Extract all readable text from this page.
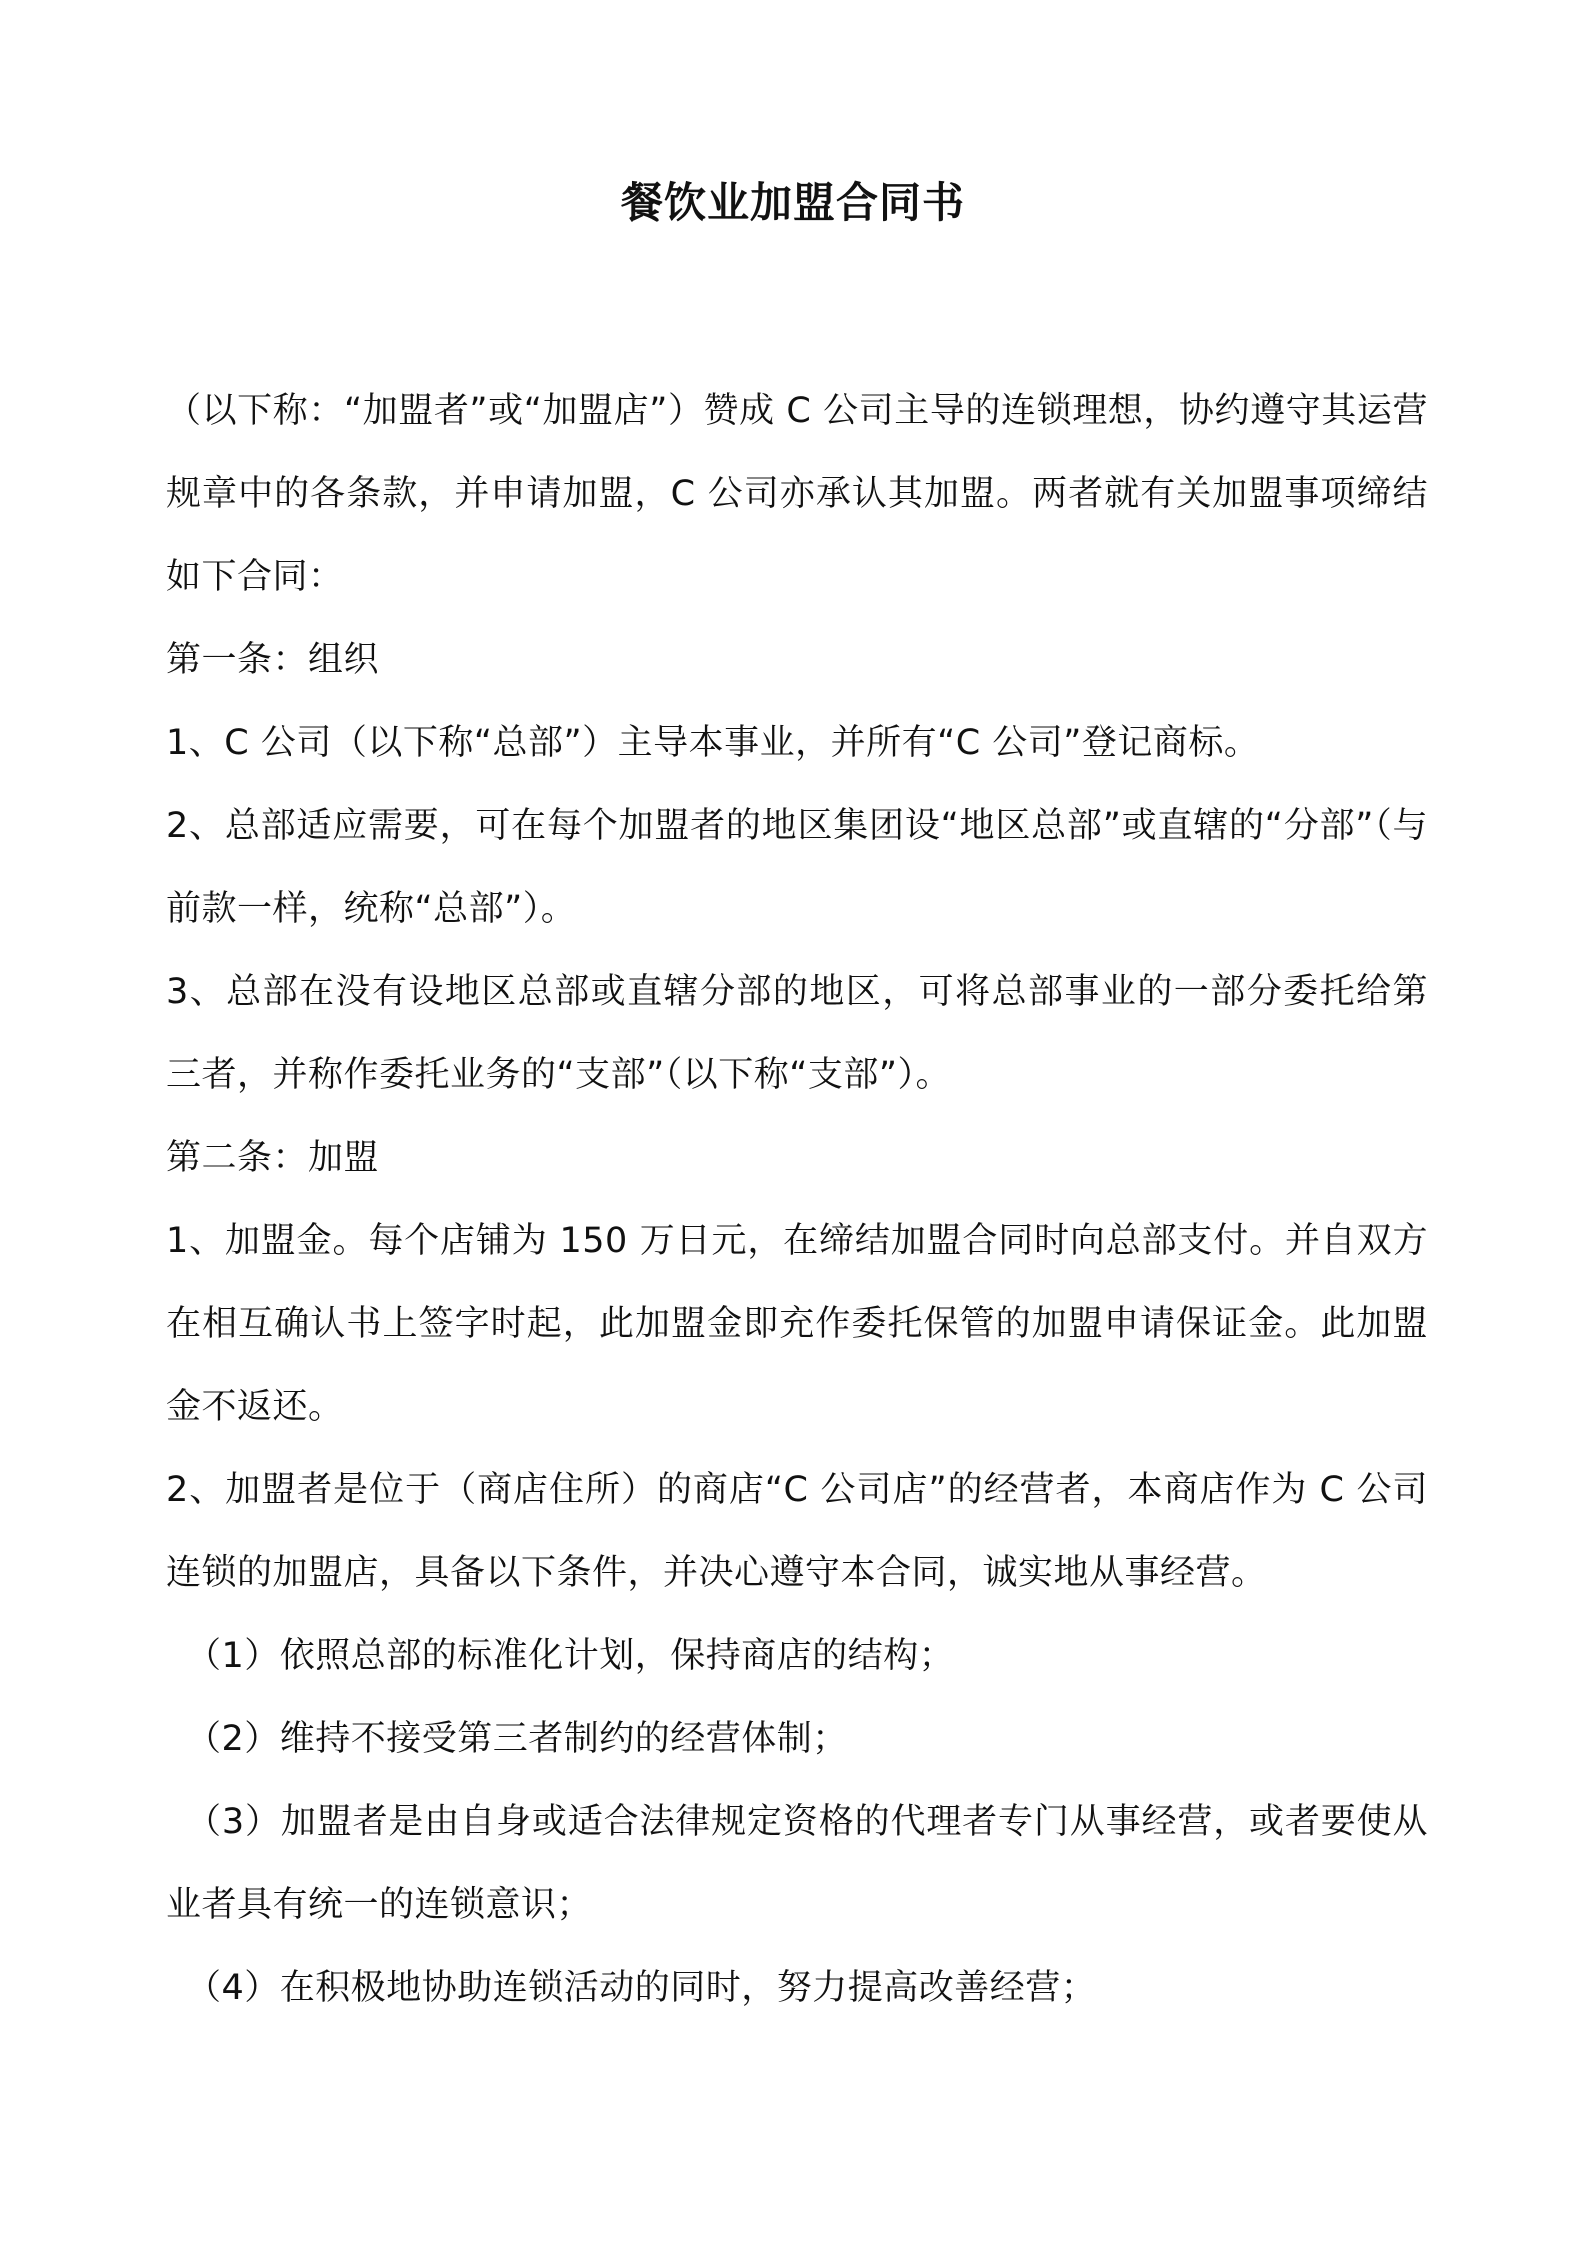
餐饮业加盟合同书

（以下称：“加盟者”或“加盟店”）赞成 C 公司主导的连锁理想，协约遵守其运营规章中的各条款，并申请加盟，C 公司亦承认其加盟。两者就有关加盟事项缔结如下合同：

第一条：组织

1、C 公司（以下称“总部”）主导本事业，并所有“C 公司”登记商标。

2、总部适应需要，可在每个加盟者的地区集团设“地区总部”或直辖的“分部”（与前款一样，统称“总部”）。

3、总部在没有设地区总部或直辖分部的地区，可将总部事业的一部分委托给第三者，并称作委托业务的“支部”（以下称“支部”）。

第二条：加盟

1、加盟金。每个店铺为 150 万日元，在缔结加盟合同时向总部支付。并自双方在相互确认书上签字时起，此加盟金即充作委托保管的加盟申请保证金。此加盟金不返还。

2、加盟者是位于（商店住所）的商店“C 公司店”的经营者，本商店作为 C 公司连锁的加盟店，具备以下条件，并决心遵守本合同，诚实地从事经营。

（1）依照总部的标准化计划，保持商店的结构；

（2）维持不接受第三者制约的经营体制；

（3）加盟者是由自身或适合法律规定资格的代理者专门从事经营，或者要使从业者具有统一的连锁意识；

（4）在积极地协助连锁活动的同时，努力提高改善经营；
